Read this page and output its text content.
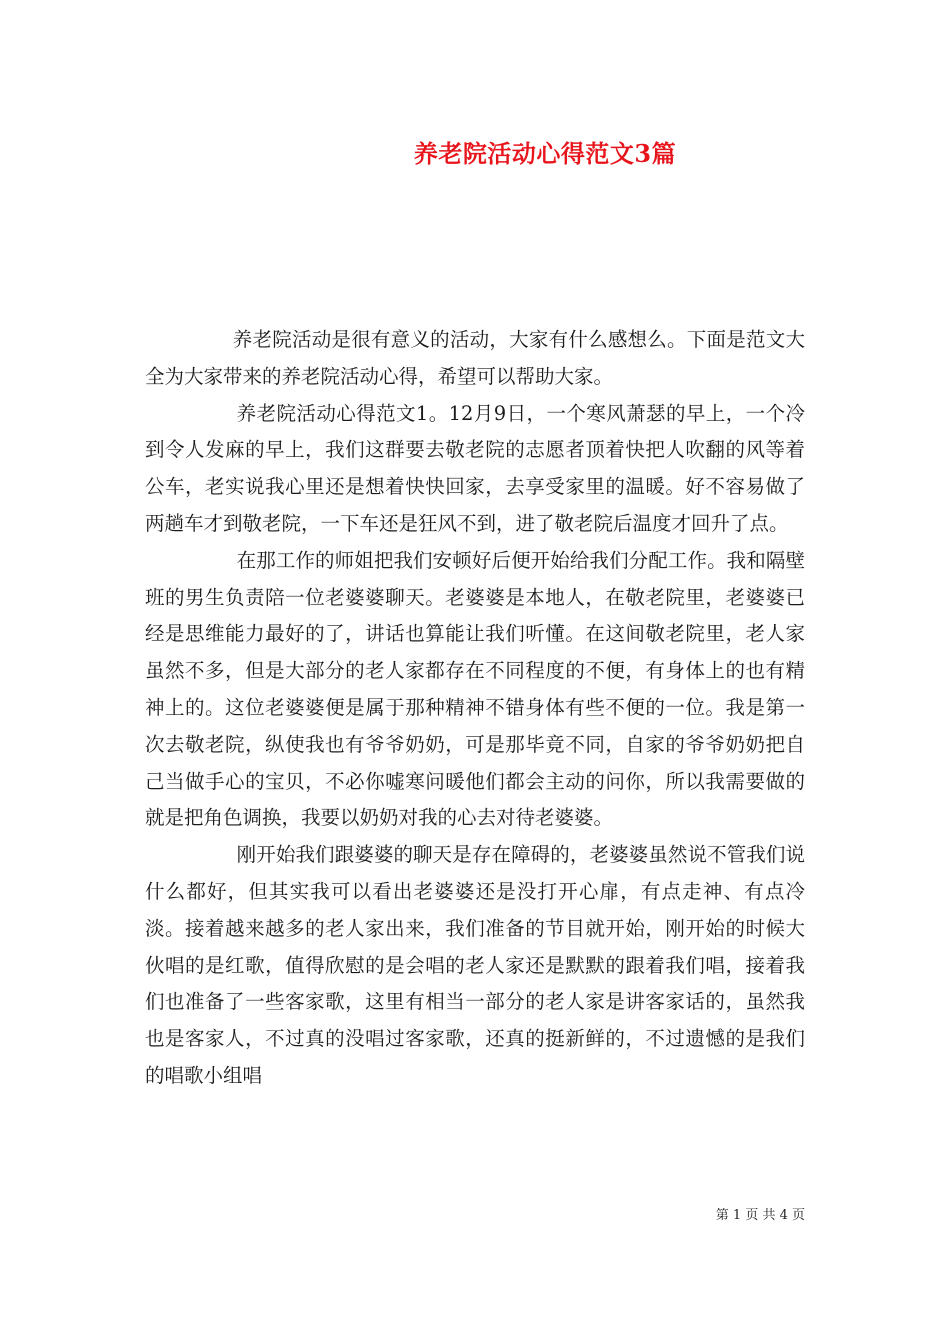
养老院活动心得范文3篇

养老院活动是很有意义的活动，大家有什么感想么。下面是范文大全为大家带来的养老院活动心得，希望可以帮助大家。

养老院活动心得范文1。12月9日，一个寒风萧瑟的早上，一个冷到令人发麻的早上，我们这群要去敬老院的志愿者顶着快把人吹翻的风等着公车，老实说我心里还是想着快快回家，去享受家里的温暖。好不容易做了两趟车才到敬老院，一下车还是狂风不到，进了敬老院后温度才回升了点。

在那工作的师姐把我们安顿好后便开始给我们分配工作。我和隔壁班的男生负责陪一位老婆婆聊天。老婆婆是本地人，在敬老院里，老婆婆已经是思维能力最好的了，讲话也算能让我们听懂。在这间敬老院里，老人家虽然不多，但是大部分的老人家都存在不同程度的不便，有身体上的也有精神上的。这位老婆婆便是属于那种精神不错身体有些不便的一位。我是第一次去敬老院，纵使我也有爷爷奶奶，可是那毕竟不同，自家的爷爷奶奶把自己当做手心的宝贝，不必你嘘寒问暖他们都会主动的问你，所以我需要做的就是把角色调换，我要以奶奶对我的心去对待老婆婆。

刚开始我们跟婆婆的聊天是存在障碍的，老婆婆虽然说不管我们说什么都好，但其实我可以看出老婆婆还是没打开心扉，有点走神、有点冷淡。接着越来越多的老人家出来，我们准备的节目就开始，刚开始的时候大伙唱的是红歌，值得欣慰的是会唱的老人家还是默默的跟着我们唱，接着我们也准备了一些客家歌，这里有相当一部分的老人家是讲客家话的，虽然我也是客家人，不过真的没唱过客家歌，还真的挺新鲜的，不过遗憾的是我们的唱歌小组唱

第 1 页 共 4 页
